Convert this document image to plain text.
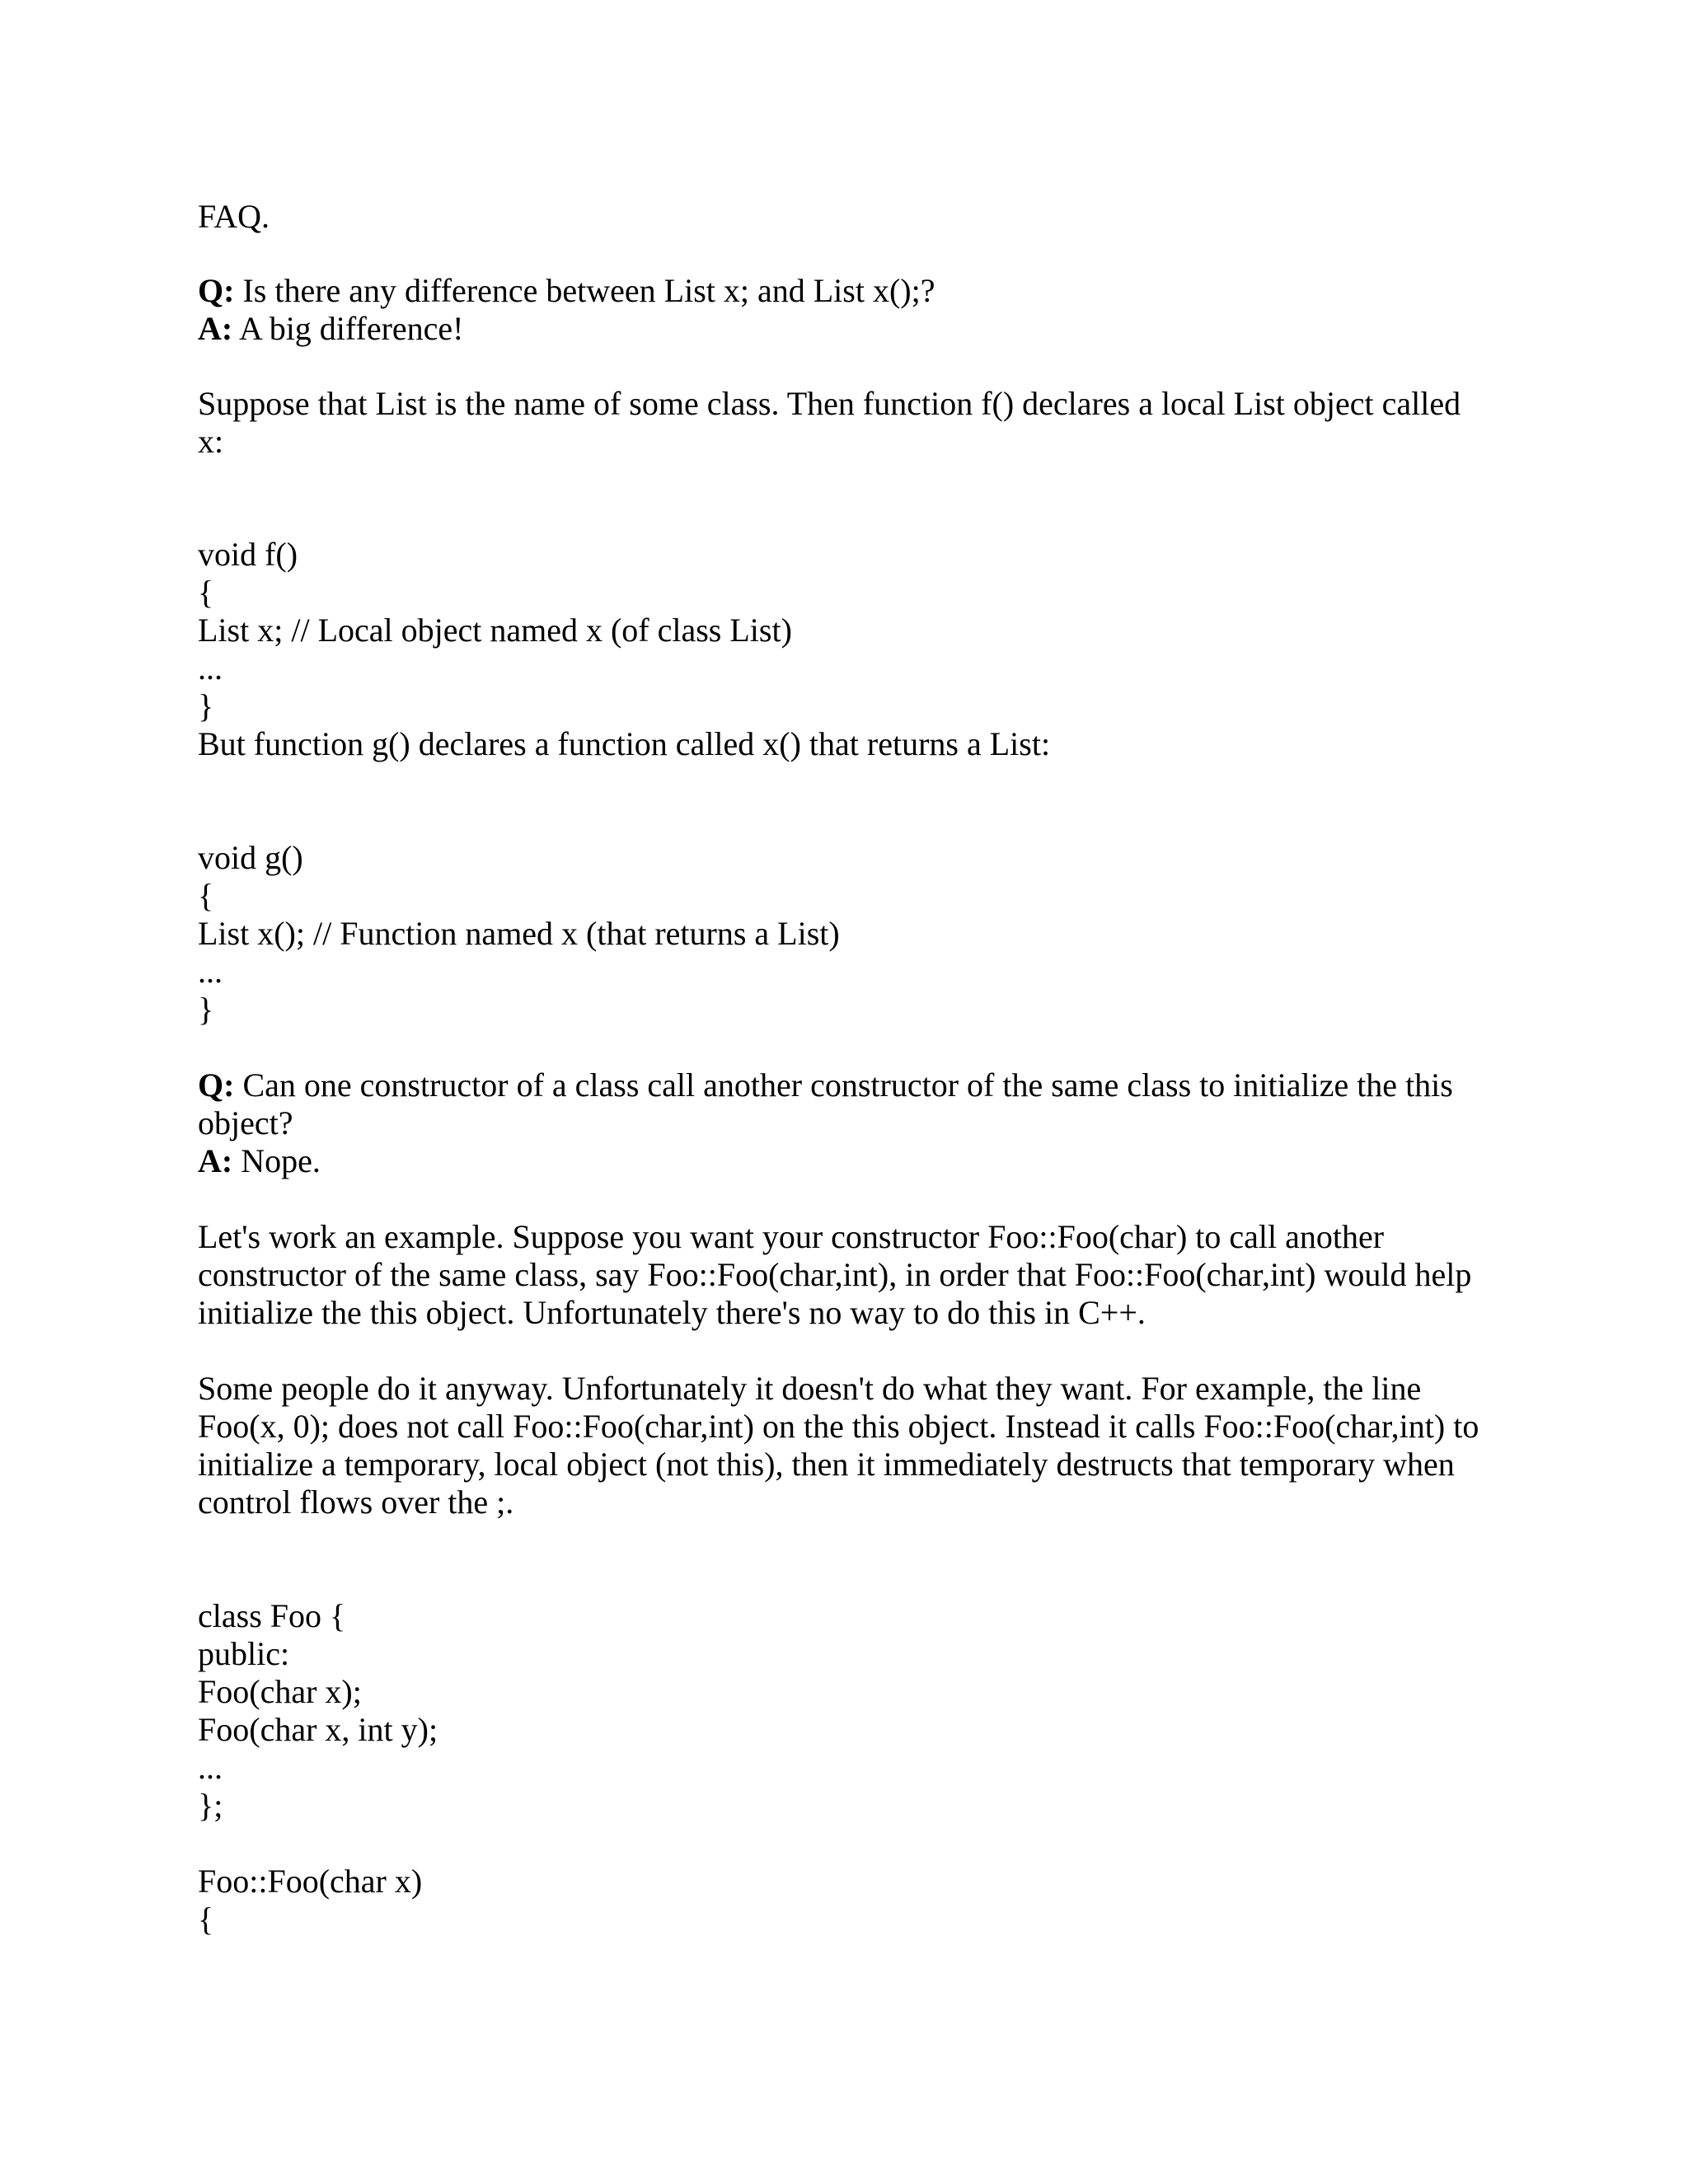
FAQ.
Q: Is there any difference between List x; and List x();?
A: A big difference!
Suppose that List is the name of some class. Then function f() declares a local List object called
x:
void f()
{
List x; // Local object named x (of class List)
...
}
But function g() declares a function called x() that returns a List:
void g()
{
List x(); // Function named x (that returns a List)
...
}
Q: Can one constructor of a class call another constructor of the same class to initialize the this
object?
A: Nope.
Let's work an example. Suppose you want your constructor Foo::Foo(char) to call another
constructor of the same class, say Foo::Foo(char,int), in order that Foo::Foo(char,int) would help
initialize the this object. Unfortunately there's no way to do this in C++.
Some people do it anyway. Unfortunately it doesn't do what they want. For example, the line
Foo(x, 0); does not call Foo::Foo(char,int) on the this object. Instead it calls Foo::Foo(char,int) to
initialize a temporary, local object (not this), then it immediately destructs that temporary when
control flows over the ;.
class Foo {
public:
Foo(char x);
Foo(char x, int y);
...
};
Foo::Foo(char x)
{
